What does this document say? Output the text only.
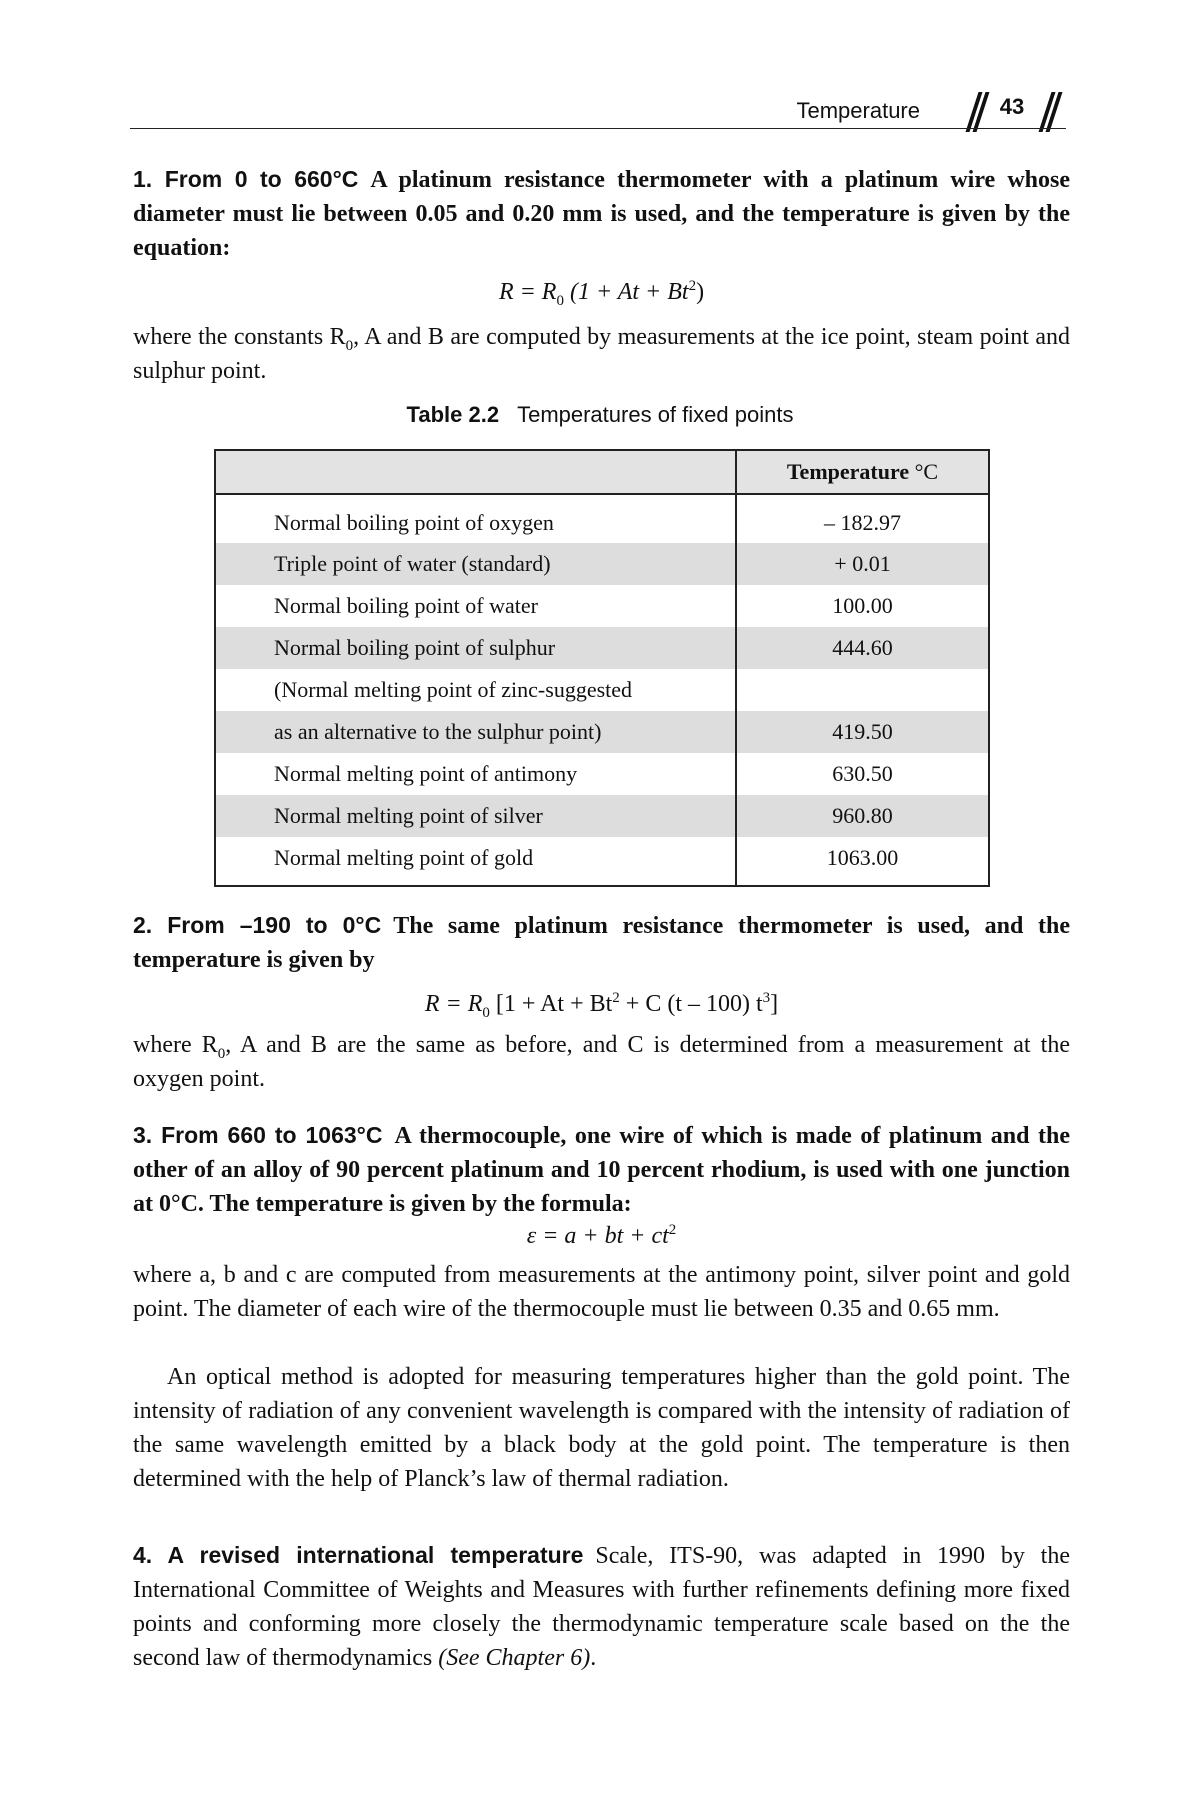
Temperature	43

1. From 0 to 660°C A platinum resistance thermometer with a platinum wire whose diameter must lie between 0.05 and 0.20 mm is used, and the temperature is given by the equation:

$R = R_0$ $(1 + At + Bt^2)$

where the constants $R_0$, A and B are computed by measurements at the ice point, steam point and sulphur point.

Table 2.2 Temperatures of fixed points
	Temperature °C
Normal boiling point of oxygen	– 182.97
Triple point of water (standard)	+ 0.01
Normal boiling point of water	100.00
Normal boiling point of sulphur	444.60
(Normal melting point of zinc-suggested	
as an alternative to the sulphur point)	419.50
Normal melting point of antimony	630.50
Normal melting point of silver	960.80
Normal melting point of gold	1063.00

2. From –190 to 0°C The same platinum resistance thermometer is used, and the temperature is given by

$R = R_0$ [$1 + At + Bt^2 + C$ (t – 100) $t^3$]

where $R_0$, A and B are the same as before, and C is determined from a measurement at the oxygen point.

3. From 660 to 1063°C A thermocouple, one wire of which is made of platinum and the other of an alloy of 90 percent platinum and 10 percent rhodium, is used with one junction at 0°C. The temperature is given by the formula:

ε = a + bt + $ct^2$

where a, b and c are computed from measurements at the antimony point, silver point and gold point. The diameter of each wire of the thermocouple must lie between 0.35 and 0.65 mm.

An optical method is adopted for measuring temperatures higher than the gold point. The intensity of radiation of any convenient wavelength is compared with the intensity of radiation of the same wavelength emitted by a black body at the gold point. The temperature is then determined with the help of Planck’s law of thermal radiation.

4. A revised international temperature Scale, ITS-90, was adapted in 1990 by the International Committee of Weights and Measures with further refinements defining more fixed points and conforming more closely the thermodynamic temperature scale based on the the second law of thermodynamics (See Chapter 6).
